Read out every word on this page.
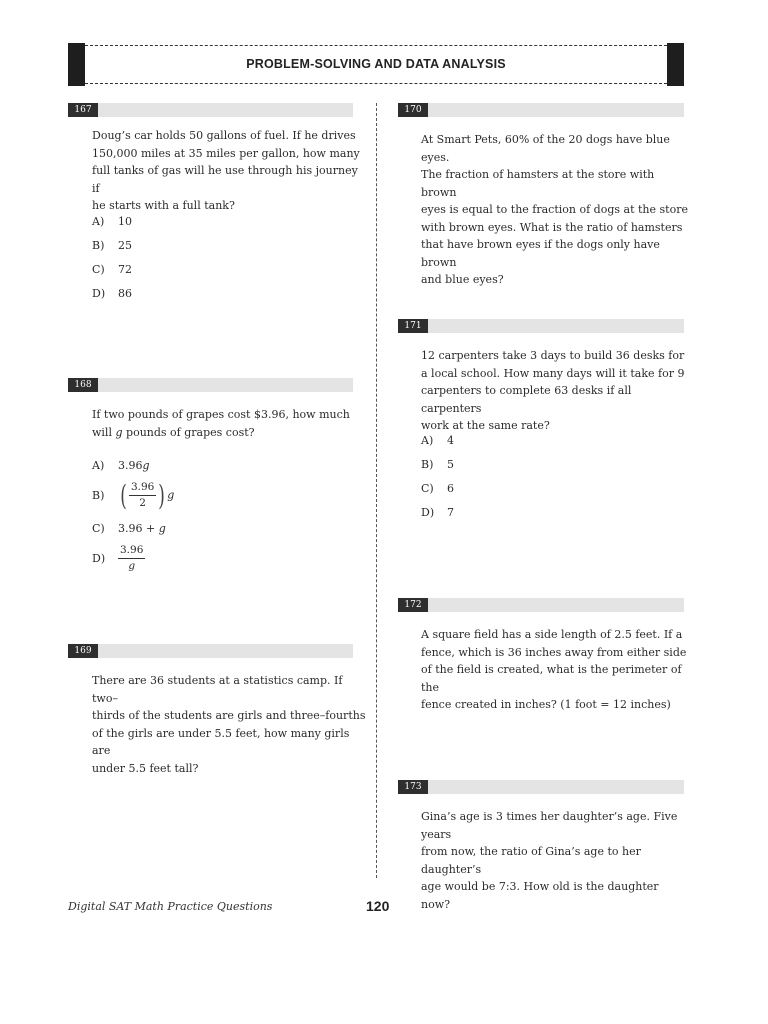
PROBLEM-SOLVING AND DATA ANALYSIS
167
Doug’s car holds 50 gallons of fuel. If he drives
150,000 miles at 35 miles per gallon, how many
full tanks of gas will he use through his journey if
he starts with a full tank?
A) 10
B) 25
C) 72
D) 86
168
If two pounds of grapes cost $3.96, how much
will g pounds of grapes cost?
A) 3.96g
B) ( $\frac{3.96}{2}$ ) g
C) 3.96 + g
$D) \frac{3.96}{g}$
169
There are 36 students at a statistics camp. If two–
thirds of the students are girls and three–fourths
of the girls are under 5.5 feet, how many girls are
under 5.5 feet tall?
170
At Smart Pets, 60% of the 20 dogs have blue eyes.
The fraction of hamsters at the store with brown
eyes is equal to the fraction of dogs at the store
with brown eyes. What is the ratio of hamsters
that have brown eyes if the dogs only have brown
and blue eyes?
171
12 carpenters take 3 days to build 36 desks for
a local school. How many days will it take for 9
carpenters to complete 63 desks if all carpenters
work at the same rate?
A) 4
B) 5
C) 6
D) 7
172
A square field has a side length of 2.5 feet. If a
fence, which is 36 inches away from either side
of the field is created, what is the perimeter of the
fence created in inches? (1 foot = 12 inches)
173
Gina’s age is 3 times her daughter’s age. Five years
from now, the ratio of Gina’s age to her daughter’s
age would be 7:3. How old is the daughter now?
Digital SAT Math Practice Questions	120
